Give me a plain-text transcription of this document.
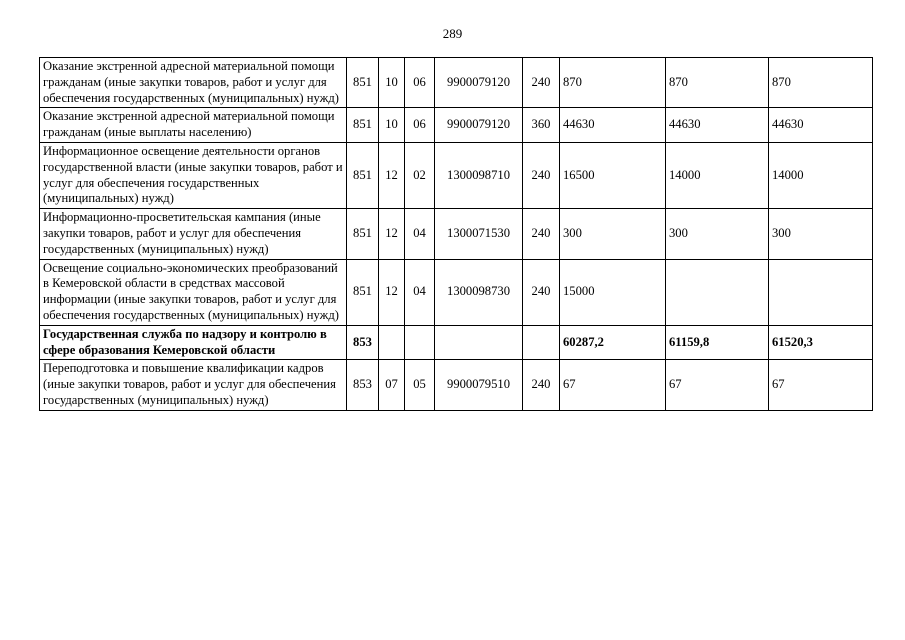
289
Оказание экстренной адресной материальной помощи гражданам (иные закупки товаров, работ и услуг для обеспечения государственных (муниципальных) нужд)	851	10	06	9900079120	240	870	870	870
Оказание экстренной адресной материальной помощи гражданам (иные выплаты населению)	851	10	06	9900079120	360	44630	44630	44630
Информационное освещение деятельности органов государственной власти (иные закупки товаров, работ и услуг для обеспечения государственных (муниципальных) нужд)	851	12	02	1300098710	240	16500	14000	14000
Информационно-просветительская кампания (иные закупки товаров, работ и услуг для обеспечения государственных (муниципальных) нужд)	851	12	04	1300071530	240	300	300	300
Освещение социально-экономических преобразований в Кемеровской области в средствах массовой информации (иные закупки товаров, работ и услуг для обеспечения государственных (муниципальных) нужд)	851	12	04	1300098730	240	15000		
Государственная служба по надзору и контролю в сфере образования Кемеровской области	853					60287,2	61159,8	61520,3
Переподготовка и повышение квалификации кадров (иные закупки товаров, работ и услуг для обеспечения государственных (муниципальных) нужд)	853	07	05	9900079510	240	67	67	67
